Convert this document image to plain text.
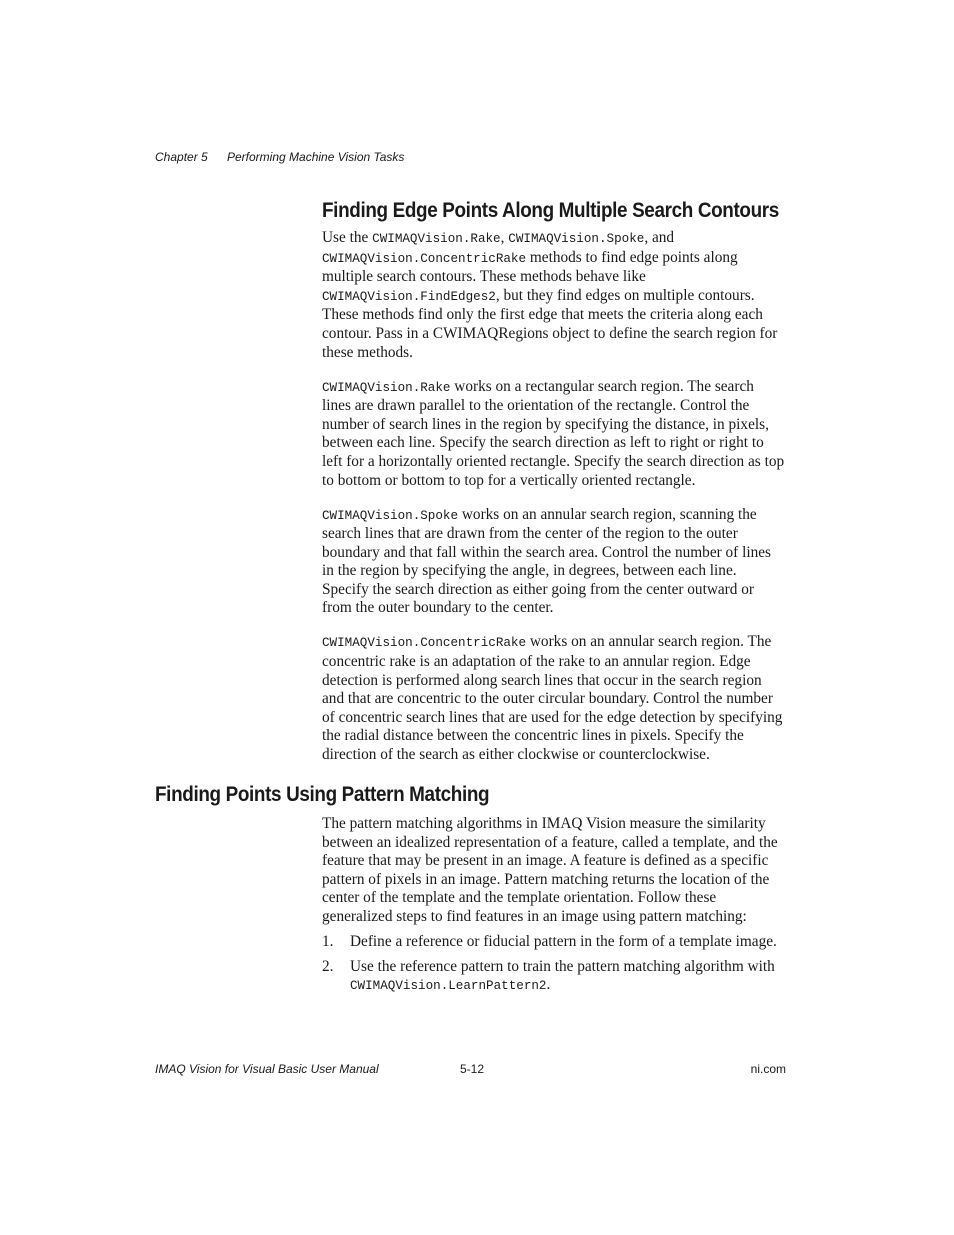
Chapter 5 Performing Machine Vision Tasks
Finding Edge Points Along Multiple Search Contours

Use the CWIMAQVision.Rake, CWIMAQVision.Spoke, and
CWIMAQVision.ConcentricRake methods to find edge points along multiple search contours. These methods behave like
CWIMAQVision.FindEdges2, but they find edges on multiple contours. These methods find only the first edge that meets the criteria along each contour. Pass in a CWIMAQRegions object to define the search region for these methods.

CWIMAQVision.Rake works on a rectangular search region. The search lines are drawn parallel to the orientation of the rectangle. Control the number of search lines in the region by specifying the distance, in pixels, between each line. Specify the search direction as left to right or right to left for a horizontally oriented rectangle. Specify the search direction as top to bottom or bottom to top for a vertically oriented rectangle.

CWIMAQVision.Spoke works on an annular search region, scanning the search lines that are drawn from the center of the region to the outer boundary and that fall within the search area. Control the number of lines in the region by specifying the angle, in degrees, between each line. Specify the search direction as either going from the center outward or from the outer boundary to the center.

CWIMAQVision.ConcentricRake works on an annular search region. The concentric rake is an adaptation of the rake to an annular region. Edge detection is performed along search lines that occur in the search region and that are concentric to the outer circular boundary. Control the number of concentric search lines that are used for the edge detection by specifying the radial distance between the concentric lines in pixels. Specify the direction of the search as either clockwise or counterclockwise.

Finding Points Using Pattern Matching

The pattern matching algorithms in IMAQ Vision measure the similarity between an idealized representation of a feature, called a template, and the feature that may be present in an image. A feature is defined as a specific pattern of pixels in an image. Pattern matching returns the location of the center of the template and the template orientation. Follow these generalized steps to find features in an image using pattern matching:

1. Define a reference or fiducial pattern in the form of a template image.
2. Use the reference pattern to train the pattern matching algorithm with
CWIMAQVision.LearnPattern2.
IMAQ Vision for Visual Basic User Manual	5-12	ni.com
